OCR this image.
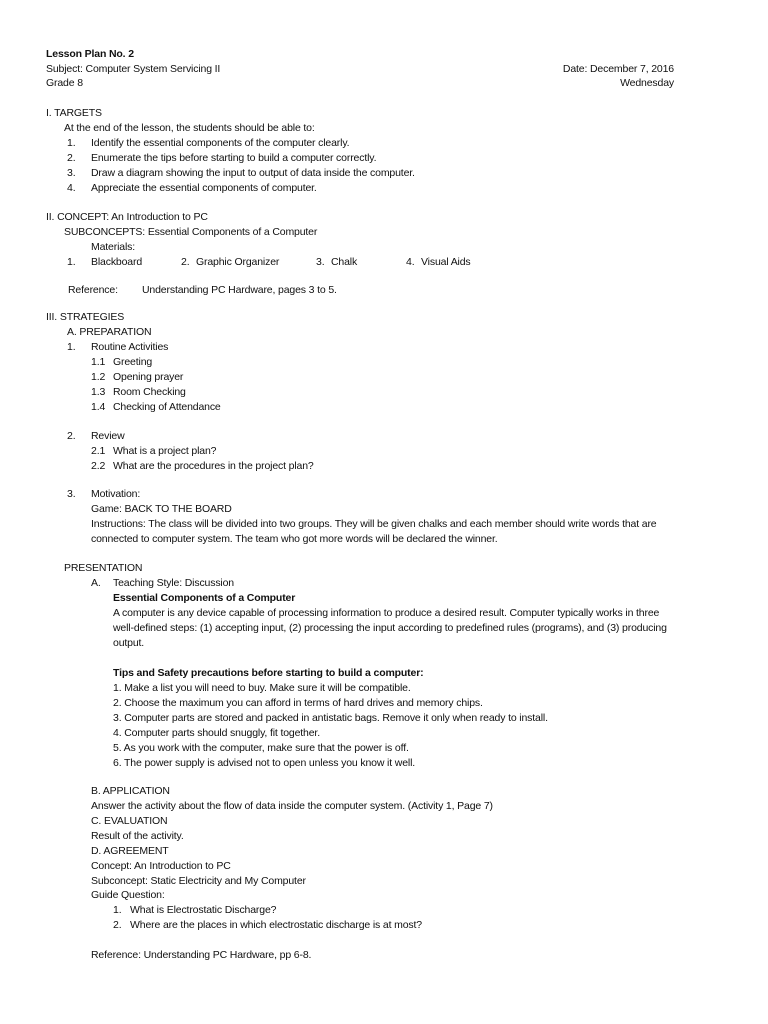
Lesson Plan No. 2
Subject: Computer System Servicing II
Grade 8
Date: December 7, 2016
Wednesday
I. TARGETS
At the end of the lesson, the students should be able to:
1. Identify the essential components of the computer clearly.
2. Enumerate the tips before starting to build a computer correctly.
3. Draw a diagram showing the input to output of data inside the computer.
4. Appreciate the essential components of computer.
II. CONCEPT: An Introduction to PC
SUBCONCEPTS: Essential Components of a Computer
Materials:
1. Blackboard	2. Graphic Organizer	3. Chalk	4. Visual Aids
Reference: Understanding PC Hardware, pages 3 to 5.
III. STRATEGIES
A. PREPARATION
1. Routine Activities
1.1 Greeting
1.2 Opening prayer
1.3 Room Checking
1.4 Checking of Attendance
2. Review
2.1 What is a project plan?
2.2 What are the procedures in the project plan?
3. Motivation:
Game: BACK TO THE BOARD
Instructions: The class will be divided into two groups. They will be given chalks and each member should write words that are
connected to computer system. The team who got more words will be declared the winner.
PRESENTATION
A. Teaching Style: Discussion
Essential Components of a Computer
A computer is any device capable of processing information to produce a desired result. Computer typically works in three
well-defined steps: (1) accepting input, (2) processing the input according to predefined rules (programs), and (3) producing
output.
Tips and Safety precautions before starting to build a computer:
1. Make a list you will need to buy. Make sure it will be compatible.
2. Choose the maximum you can afford in terms of hard drives and memory chips.
3. Computer parts are stored and packed in antistatic bags. Remove it only when ready to install.
4. Computer parts should snuggly, fit together.
5. As you work with the computer, make sure that the power is off.
6. The power supply is advised not to open unless you know it well.
B. APPLICATION
Answer the activity about the flow of data inside the computer system. (Activity 1, Page 7)
C. EVALUATION
Result of the activity.
D. AGREEMENT
Concept: An Introduction to PC
Subconcept: Static Electricity and My Computer
Guide Question:
1. What is Electrostatic Discharge?
2. Where are the places in which electrostatic discharge is at most?
Reference: Understanding PC Hardware, pp 6-8.
